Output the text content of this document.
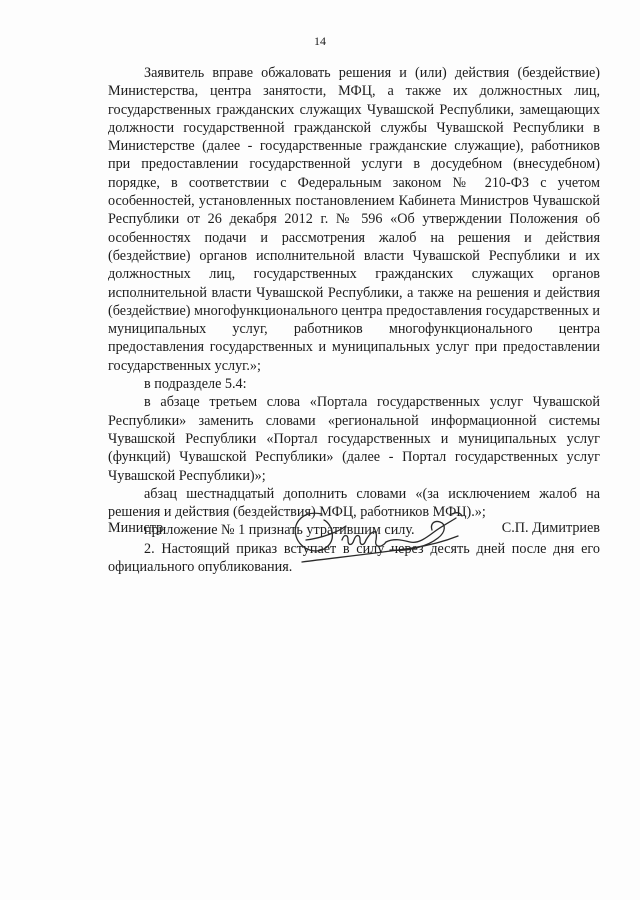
14

Заявитель вправе обжаловать решения и (или) действия (бездействие) Министерства, центра занятости, МФЦ, а также их должностных лиц, государственных гражданских служащих Чувашской Республики, замещающих должности государственной гражданской службы Чувашской Республики в Министерстве (далее - государственные гражданские служащие), работников при предоставлении государственной услуги в досудебном (внесудебном) порядке, в соответствии с Федеральным законом № 210-ФЗ с учетом особенностей, установленных постановлением Кабинета Министров Чувашской Республики от 26 декабря 2012 г. № 596 «Об утверждении Положения об особенностях подачи и рассмотрения жалоб на решения и действия (бездействие) органов исполнительной власти Чувашской Республики и их должностных лиц, государственных гражданских служащих органов исполнительной власти Чувашской Республики, а также на решения и действия (бездействие) многофункционального центра предоставления государственных и муниципальных услуг, работников многофункционального центра предоставления государственных и муниципальных услуг при предоставлении государственных услуг.»;

в подразделе 5.4:

в абзаце третьем слова «Портала государственных услуг Чувашской Республики» заменить словами «региональной информационной системы Чувашской Республики «Портал государственных и муниципальных услуг (функций) Чувашской Республики» (далее - Портал государственных услуг Чувашской Республики)»;

абзац шестнадцатый дополнить словами «(за исключением жалоб на решения и действия (бездействия) МФЦ, работников МФЦ).»;

приложение № 1 признать утратившим силу.

2. Настоящий приказ вступает в силу через десять дней после дня его официального опубликования.

Министр	С.П. Димитриев
